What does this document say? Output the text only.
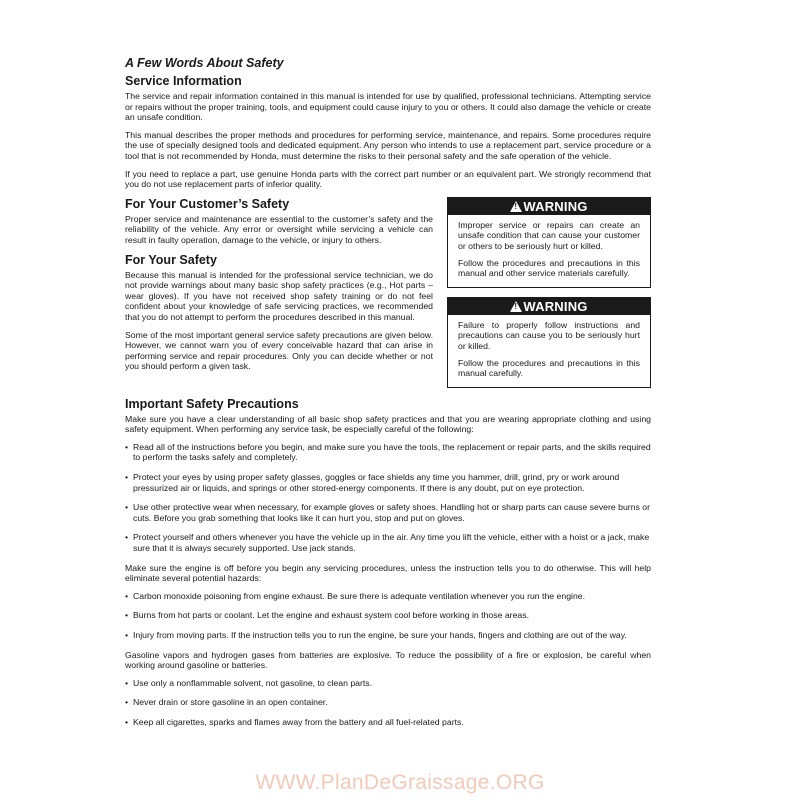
A Few Words About Safety
Service Information

The service and repair information contained in this manual is intended for use by qualified, professional technicians. Attempting service or repairs without the proper training, tools, and equipment could cause injury to you or others. It could also damage the vehicle or create an unsafe condition.

This manual describes the proper methods and procedures for performing service, maintenance, and repairs. Some procedures require the use of specially designed tools and dedicated equipment. Any person who intends to use a replacement part, service procedure or a tool that is not recommended by Honda, must determine the risks to their personal safety and the safe operation of the vehicle.

If you need to replace a part, use genuine Honda parts with the correct part number or an equivalent part. We strongly recommend that you do not use replacement parts of inferior quality.

For Your Customer’s Safety

Proper service and maintenance are essential to the customer’s safety and the reliability of the vehicle. Any error or oversight while servicing a vehicle can result in faulty operation, damage to the vehicle, or injury to others.

For Your Safety

Because this manual is intended for the professional service technician, we do not provide warnings about many basic shop safety practices (e.g., Hot parts – wear gloves). If you have not received shop safety training or do not feel confident about your knowledge of safe servicing practices, we recommended that you do not attempt to perform the procedures described in this manual.

Some of the most important general service safety precautions are given below. However, we cannot warn you of every conceivable hazard that can arise in performing service and repair procedures. Only you can decide whether or not you should perform a given task.

!WARNING

Improper service or repairs can create an unsafe condition that can cause your customer or others to be seriously hurt or killed.

Follow the procedures and precautions in this manual and other service materials carefully.

!WARNING

Failure to properly follow instructions and precautions can cause you to be seriously hurt or killed.

Follow the procedures and precautions in this manual carefully.

Important Safety Precautions

Make sure you have a clear understanding of all basic shop safety practices and that you are wearing appropriate clothing and using safety equipment. When performing any service task, be especially careful of the following:

• Read all of the instructions before you begin, and make sure you have the tools, the replacement or repair parts, and the skills required to perform the tasks safely and completely.
• Protect your eyes by using proper safety glasses, goggles or face shields any time you hammer, drill, grind, pry or work around pressurized air or liquids, and springs or other stored-energy components. If there is any doubt, put on eye protection.
• Use other protective wear when necessary, for example gloves or safety shoes. Handling hot or sharp parts can cause severe burns or cuts. Before you grab something that looks like it can hurt you, stop and put on gloves.
• Protect yourself and others whenever you have the vehicle up in the air. Any time you lift the vehicle, either with a hoist or a jack, make sure that it is always securely supported. Use jack stands.

Make sure the engine is off before you begin any servicing procedures, unless the instruction tells you to do otherwise. This will help eliminate several potential hazards:

• Carbon monoxide poisoning from engine exhaust. Be sure there is adequate ventilation whenever you run the engine.
• Burns from hot parts or coolant. Let the engine and exhaust system cool before working in those areas.
• Injury from moving parts. If the instruction tells you to run the engine, be sure your hands, fingers and clothing are out of the way.

Gasoline vapors and hydrogen gases from batteries are explosive. To reduce the possibility of a fire or explosion, be careful when working around gasoline or batteries.

• Use only a nonflammable solvent, not gasoline, to clean parts.
• Never drain or store gasoline in an open container.
• Keep all cigarettes, sparks and flames away from the battery and all fuel-related parts.
WWW.PlanDeGraissage.ORG
